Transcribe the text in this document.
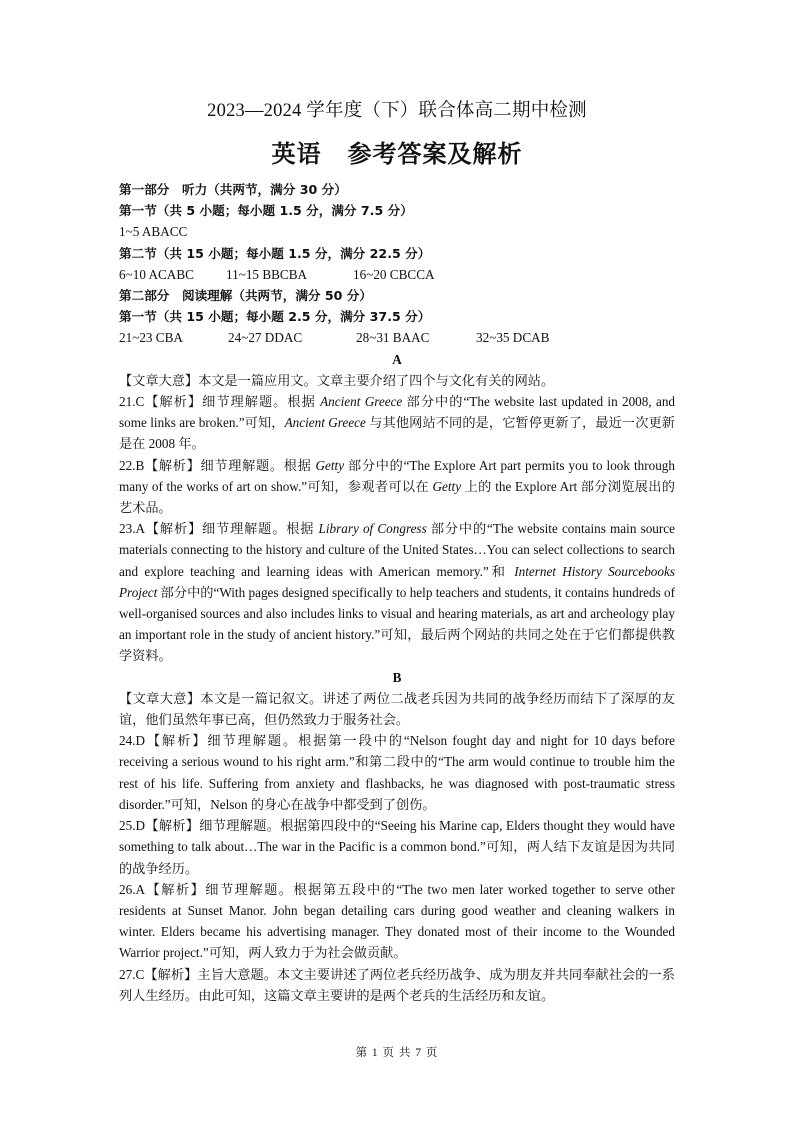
2023—2024 学年度（下）联合体高二期中检测
英语 参考答案及解析
第一部分　听力（共两节，满分 30 分）
第一节（共 5 小题；每小题 1.5 分，满分 7.5 分）
1~5 ABACC
第二节（共 15 小题；每小题 1.5 分，满分 22.5 分）
6~10 ACABC 11~15 BBCBA	16~20 CBCCA
第二部分　阅读理解（共两节，满分 50 分）
第一节（共 15 小题；每小题 2.5 分，满分 37.5 分）
21~23 CBA	24~27 DDAC	28~31 BAAC	32~35 DCAB
A
【文章大意】本文是一篇应用文。文章主要介绍了四个与文化有关的网站。
21.C【解析】细节理解题。根据 Ancient Greece 部分中的“The website last updated in 2008, and some links are broken.”可知，Ancient Greece 与其他网站不同的是，它暂停更新了，最近一次更新是在 2008 年。
22.B【解析】细节理解题。根据 Getty 部分中的“The Explore Art part permits you to look through many of the works of art on show.”可知，参观者可以在 Getty 上的 the Explore Art 部分浏览展出的艺术品。
23.A【解析】细节理解题。根据 Library of Congress 部分中的“The website contains main source materials connecting to the history and culture of the United States…You can select collections to search and explore teaching and learning ideas with American memory.”和 Internet History Sourcebooks Project 部分中的“With pages designed specifically to help teachers and students, it contains hundreds of well-organised sources and also includes links to visual and hearing materials, as art and archeology play an important role in the study of ancient history.”可知，最后两个网站的共同之处在于它们都提供教学资料。
B
【文章大意】本文是一篇记叙文。讲述了两位二战老兵因为共同的战争经历而结下了深厚的友谊，他们虽然年事已高，但仍然致力于服务社会。
24.D【解析】细节理解题。根据第一段中的“Nelson fought day and night for 10 days before receiving a serious wound to his right arm.”和第二段中的“The arm would continue to trouble him the rest of his life. Suffering from anxiety and flashbacks, he was diagnosed with post-traumatic stress disorder.”可知，Nelson 的身心在战争中都受到了创伤。
25.D【解析】细节理解题。根据第四段中的“Seeing his Marine cap, Elders thought they would have something to talk about…The war in the Pacific is a common bond.”可知，两人结下友谊是因为共同的战争经历。
26.A【解析】细节理解题。根据第五段中的“The two men later worked together to serve other residents at Sunset Manor. John began detailing cars during good weather and cleaning walkers in winter. Elders became his advertising manager. They donated most of their income to the Wounded Warrior project.”可知，两人致力于为社会做贡献。
27.C【解析】主旨大意题。本文主要讲述了两位老兵经历战争、成为朋友并共同奉献社会的一系列人生经历。由此可知，这篇文章主要讲的是两个老兵的生活经历和友谊。
第 1 页 共 7 页
